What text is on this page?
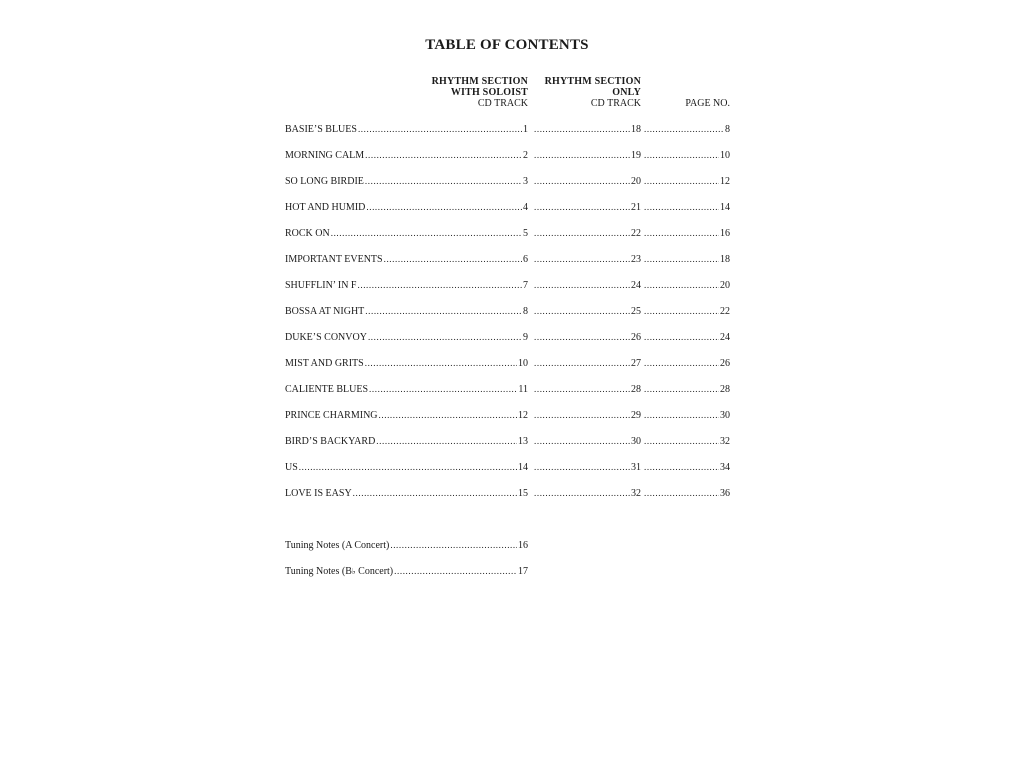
TABLE OF CONTENTS
RHYTHM SECTION
WITH SOLOIST
CD TRACK
RHYTHM SECTION
ONLY
CD TRACK	PAGE NO.
BASIE’S BLUES .....	1 .....	18 .....	8
MORNING CALM .....	2 .....	19 .....	10
SO LONG BIRDIE .....	3 .....	20 .....	12
HOT AND HUMID .....	4 .....	21 .....	14
ROCK ON .....	5 .....	22 .....	16
IMPORTANT EVENTS .....	6 .....	23 .....	18
SHUFFLIN’ IN F .....	7 .....	24 .....	20
BOSSA AT NIGHT .....	8 .....	25 .....	22
DUKE’S CONVOY .....	9 .....	26 .....	24
MIST AND GRITS .....	10 .....	27 .....	26
CALIENTE BLUES .....	11 .....	28 .....	28
PRINCE CHARMING .....	12 .....	29 .....	30
BIRD’S BACKYARD .....	13 .....	30 .....	32
US .....	14 .....	31 .....	34
LOVE IS EASY .....	15 .....	32 .....	36
Tuning Notes (A Concert) .....	16
Tuning Notes (B♭ Concert) .....	17
